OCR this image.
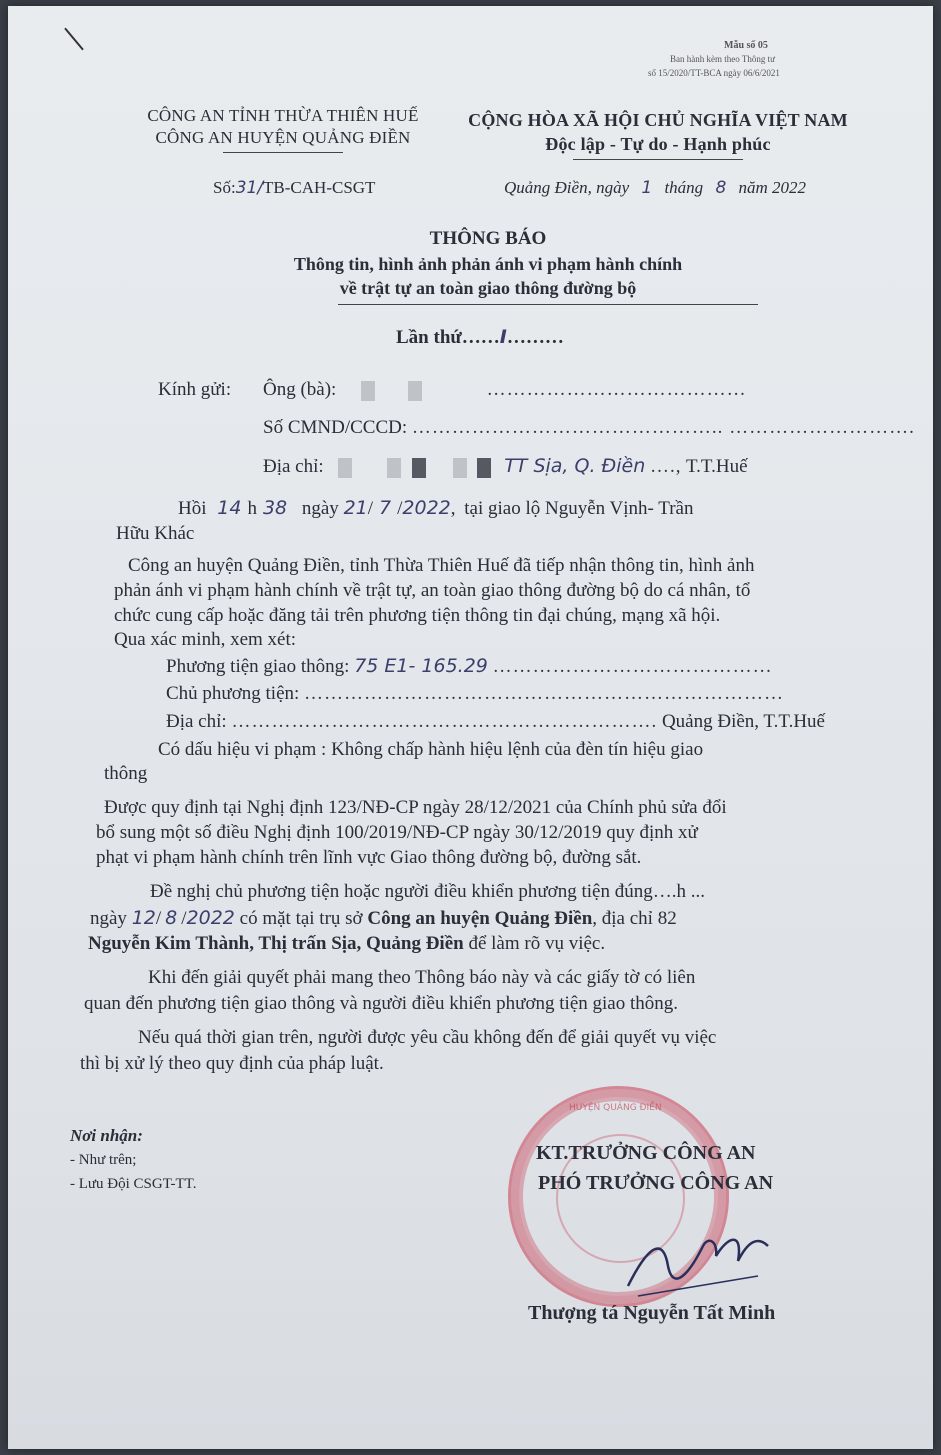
Mẫu số 05
Ban hành kèm theo Thông tư
số 15/2020/TT-BCA ngày 06/6/2021
CÔNG AN TỈNH THỪA THIÊN HUẾ
CÔNG AN HUYỆN QUẢNG ĐIỀN
Số:31/TB-CAH-CSGT
CỘNG HÒA XÃ HỘI CHỦ NGHĨA VIỆT NAM
Độc lập - Tự do - Hạnh phúc
Quảng Điền, ngày 1 tháng 8 năm 2022
THÔNG BÁO
Thông tin, hình ảnh phản ánh vi phạm hành chính
về trật tự an toàn giao thông đường bộ
Lần thứ……I………
Kính gửi: Ông (bà):	…………………………………
Số CMND/CCCD: ……………………………………….. ……………………….
Địa chỉ:	TT Sịa, Q. Điền …., T.T.Huế
Hồi 14 h 38 ngày 21/ 7 /2022, tại giao lộ Nguyễn Vịnh- Trần
Hữu Khác
Công an huyện Quảng Điền, tỉnh Thừa Thiên Huế đã tiếp nhận thông tin, hình ảnh
phản ánh vi phạm hành chính về trật tự, an toàn giao thông đường bộ do cá nhân, tổ
chức cung cấp hoặc đăng tải trên phương tiện thông tin đại chúng, mạng xã hội.
Qua xác minh, xem xét:
Phương tiện giao thông: 75 E1- 165.29 ……………………………………
Chủ phương tiện: ………………………………………………………………
Địa chỉ: ………………………………………………………. Quảng Điền, T.T.Huế
Có dấu hiệu vi phạm : Không chấp hành hiệu lệnh của đèn tín hiệu giao
thông
Được quy định tại Nghị định 123/NĐ-CP ngày 28/12/2021 của Chính phủ sửa đổi
bổ sung một số điều Nghị định 100/2019/NĐ-CP ngày 30/12/2019 quy định xử
phạt vi phạm hành chính trên lĩnh vực Giao thông đường bộ, đường sắt.
Đề nghị chủ phương tiện hoặc người điều khiển phương tiện đúng….h ...
ngày 12/ 8 /2022 có mặt tại trụ sở Công an huyện Quảng Điền, địa chỉ 82
Nguyễn Kim Thành, Thị trấn Sịa, Quảng Điền để làm rõ vụ việc.
Khi đến giải quyết phải mang theo Thông báo này và các giấy tờ có liên
quan đến phương tiện giao thông và người điều khiển phương tiện giao thông.
Nếu quá thời gian trên, người được yêu cầu không đến để giải quyết vụ việc
thì bị xử lý theo quy định của pháp luật.
Nơi nhận:
- Như trên;
- Lưu Đội CSGT-TT.
HUYỆN QUẢNG ĐIỀN
KT.TRƯỞNG CÔNG AN
PHÓ TRƯỞNG CÔNG AN
Thượng tá Nguyễn Tất Minh
